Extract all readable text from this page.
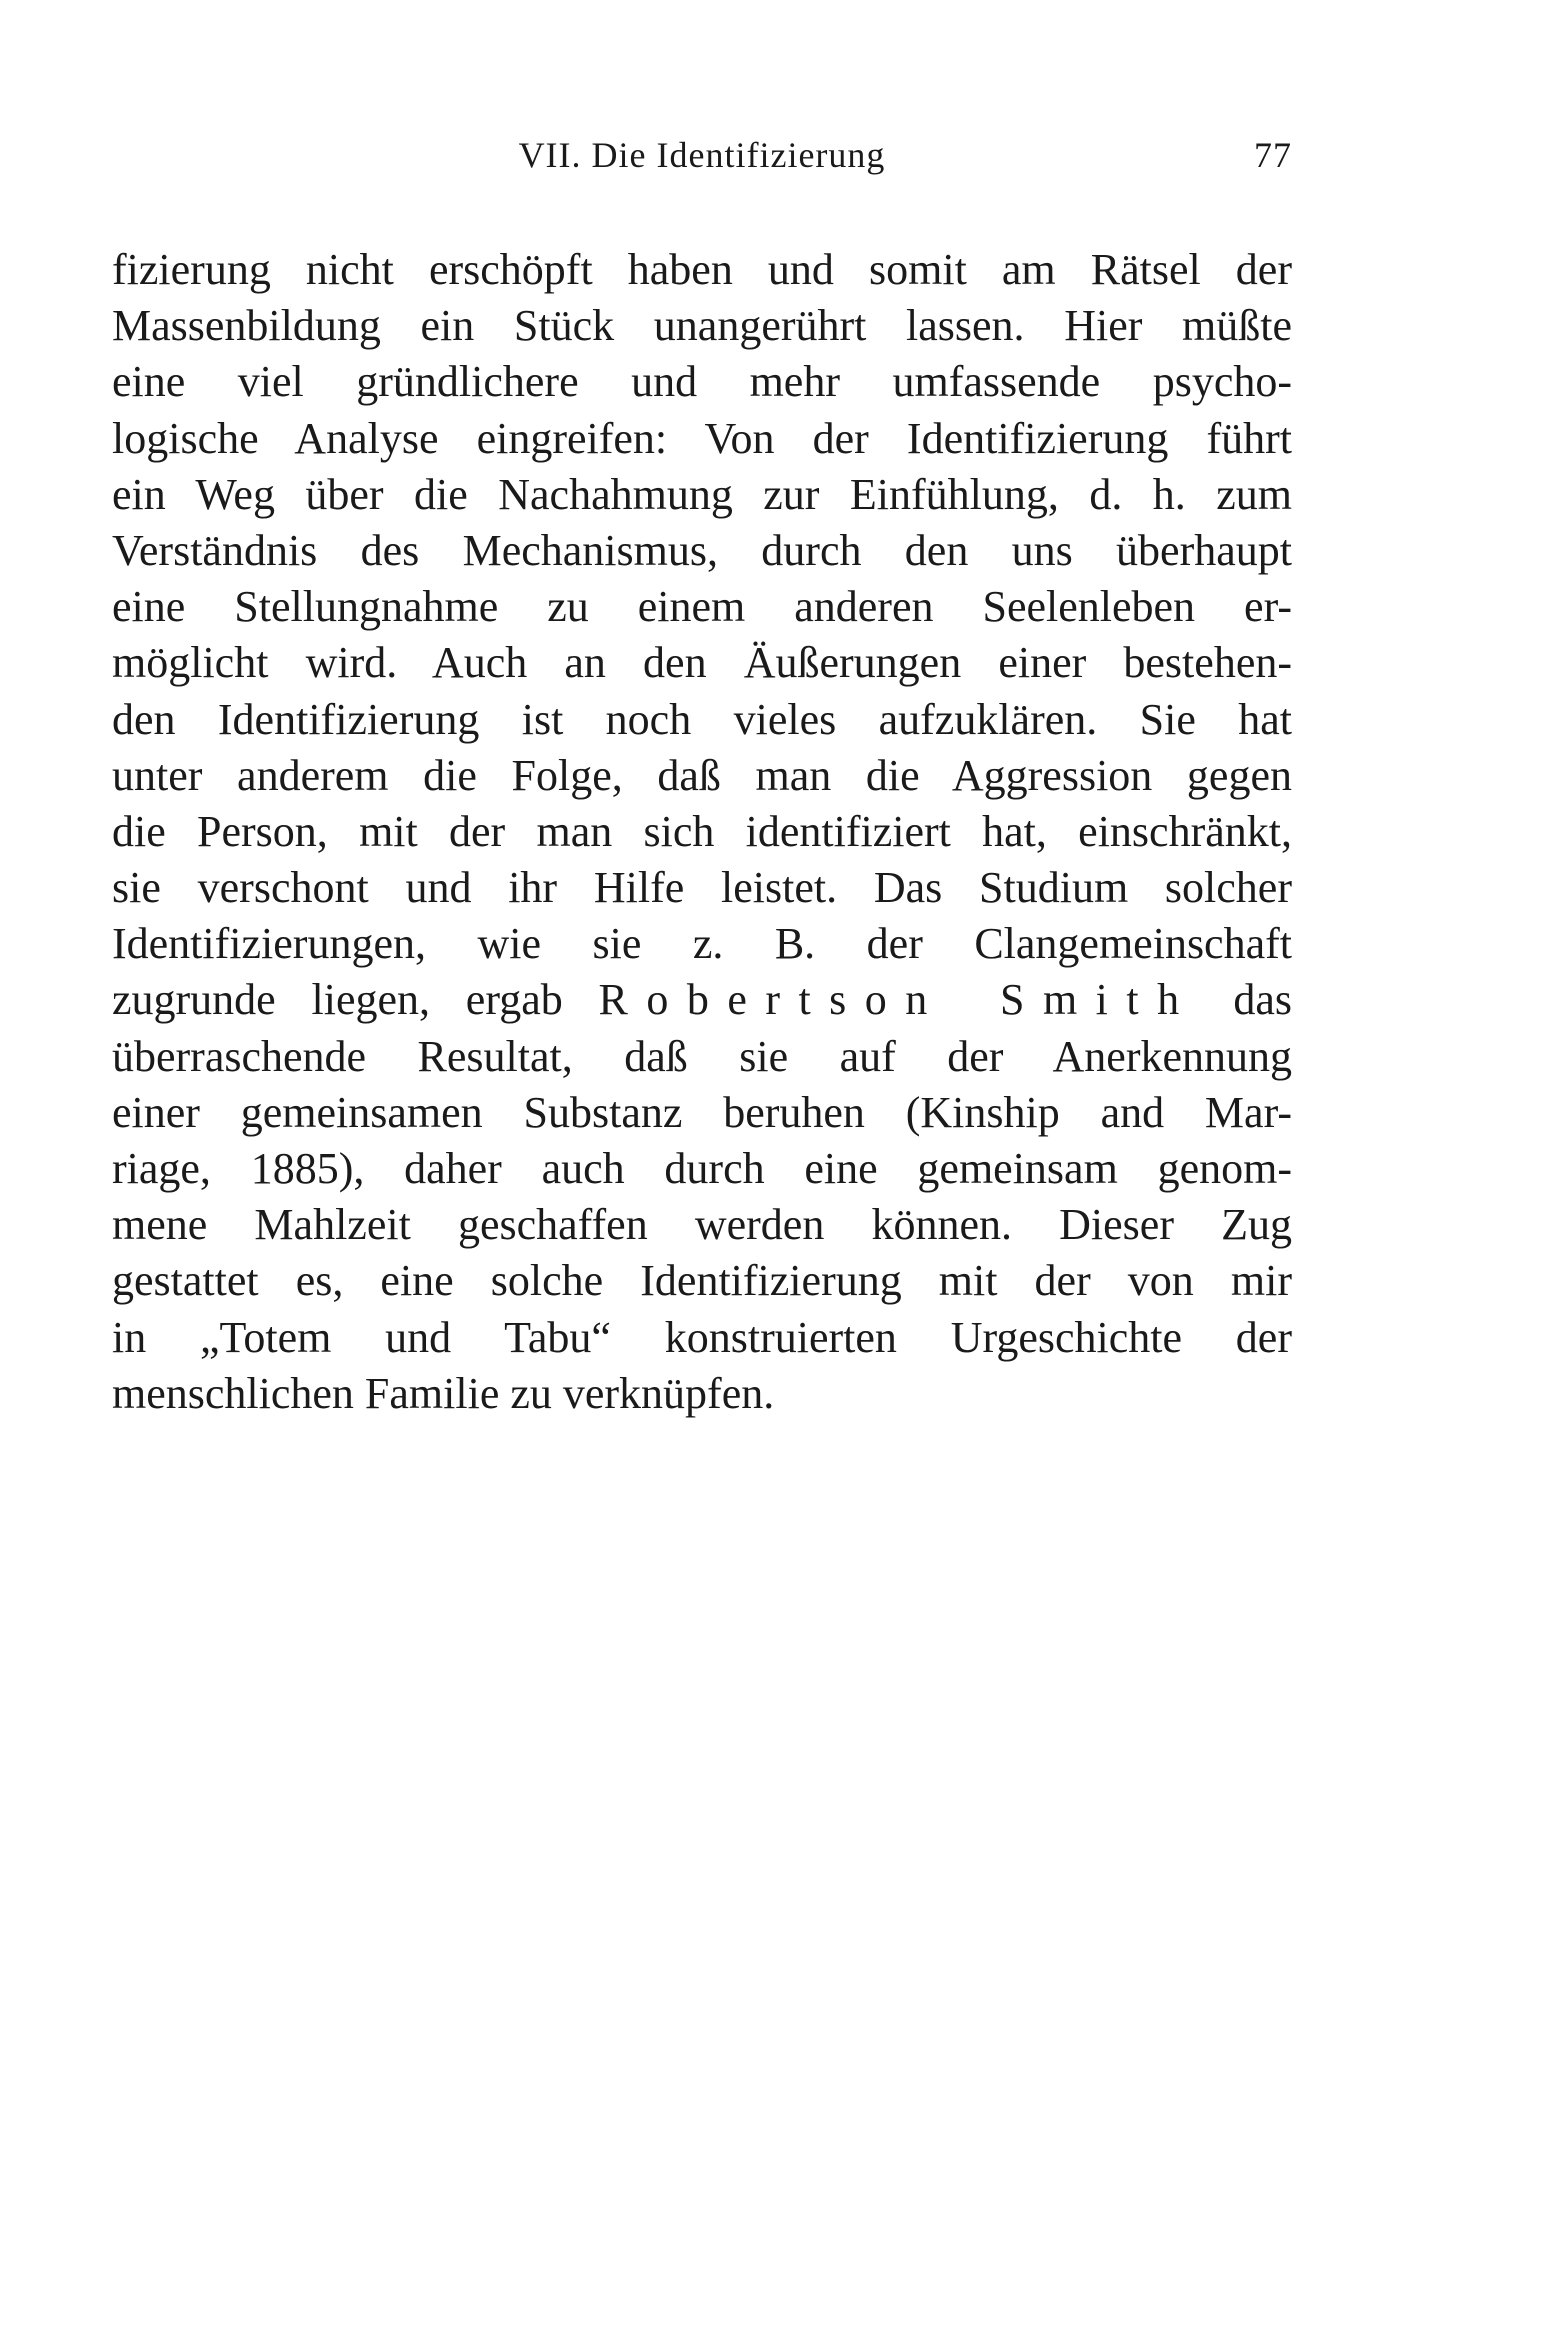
VII. Die Identifizierung	77
fizierung nicht erschöpft haben und somit am Rätsel der
Massenbildung ein Stück unangerührt lassen. Hier müßte
eine viel gründlichere und mehr umfassende psycho-
logische Analyse eingreifen: Von der Identifizierung führt
ein Weg über die Nachahmung zur Einfühlung, d. h. zum
Verständnis des Mechanismus, durch den uns überhaupt
eine Stellungnahme zu einem anderen Seelenleben er-
möglicht wird. Auch an den Äußerungen einer bestehen-
den Identifizierung ist noch vieles aufzuklären. Sie hat
unter anderem die Folge, daß man die Aggression gegen
die Person, mit der man sich identifiziert hat, einschränkt,
sie verschont und ihr Hilfe leistet. Das Studium solcher
Identifizierungen, wie sie z. B. der Clangemeinschaft
zugrunde liegen, ergab Robertson Smith das
überraschende Resultat, daß sie auf der Anerkennung
einer gemeinsamen Substanz beruhen (Kinship and Mar-
riage, 1885), daher auch durch eine gemeinsam genom-
mene Mahlzeit geschaffen werden können. Dieser Zug
gestattet es, eine solche Identifizierung mit der von mir
in „Totem und Tabu“ konstruierten Urgeschichte der
menschlichen Familie zu verknüpfen.
